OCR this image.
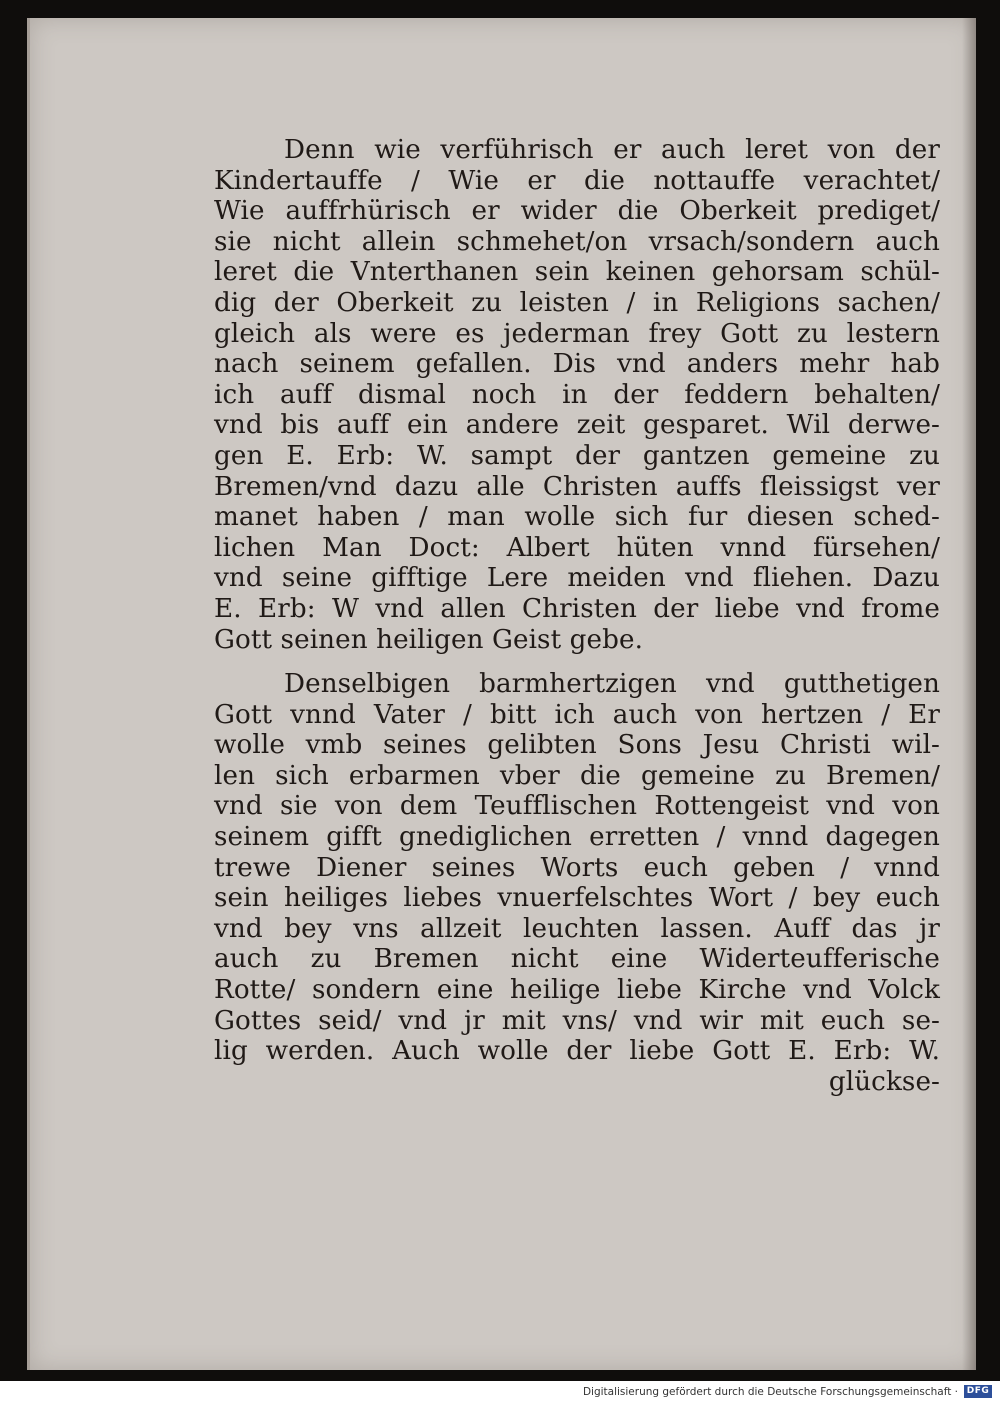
Denn wie verführisch er auch leret von der
Kindertauffe / Wie er die nottauffe verachtet/
Wie auffrhürisch er wider die Oberkeit prediget/
sie nicht allein schmehet/on vrsach/sondern auch
leret die Vnterthanen sein keinen gehorsam schül-
dig der Oberkeit zu leisten / in Religions sachen/
gleich als were es jederman frey Gott zu lestern
nach seinem gefallen. Dis vnd anders mehr hab
ich auff dismal noch in der feddern behalten/
vnd bis auff ein andere zeit gesparet. Wil derwe-
gen E. Erb: W. sampt der gantzen gemeine zu
Bremen/vnd dazu alle Christen auffs fleissigst ver
manet haben / man wolle sich fur diesen sched-
lichen Man Doct: Albert hüten vnnd fürsehen/
vnd seine gifftige Lere meiden vnd fliehen. Dazu
E. Erb: W vnd allen Christen der liebe vnd frome
Gott seinen heiligen Geist gebe.

Denselbigen barmhertzigen vnd gutthetigen
Gott vnnd Vater / bitt ich auch von hertzen / Er
wolle vmb seines gelibten Sons Jesu Christi wil-
len sich erbarmen vber die gemeine zu Bremen/
vnd sie von dem Teufflischen Rottengeist vnd von
seinem gifft gnediglichen erretten / vnnd dagegen
trewe Diener seines Worts euch geben / vnnd
sein heiliges liebes vnuerfelschtes Wort / bey euch
vnd bey vns allzeit leuchten lassen. Auff das jr
auch zu Bremen nicht eine Widerteufferische
Rotte/ sondern eine heilige liebe Kirche vnd Volck
Gottes seid/ vnd jr mit vns/ vnd wir mit euch se-
lig werden. Auch wolle der liebe Gott E. Erb: W.
glückse-

Digitalisierung gefördert durch die Deutsche Forschungsgemeinschaft · DFG
